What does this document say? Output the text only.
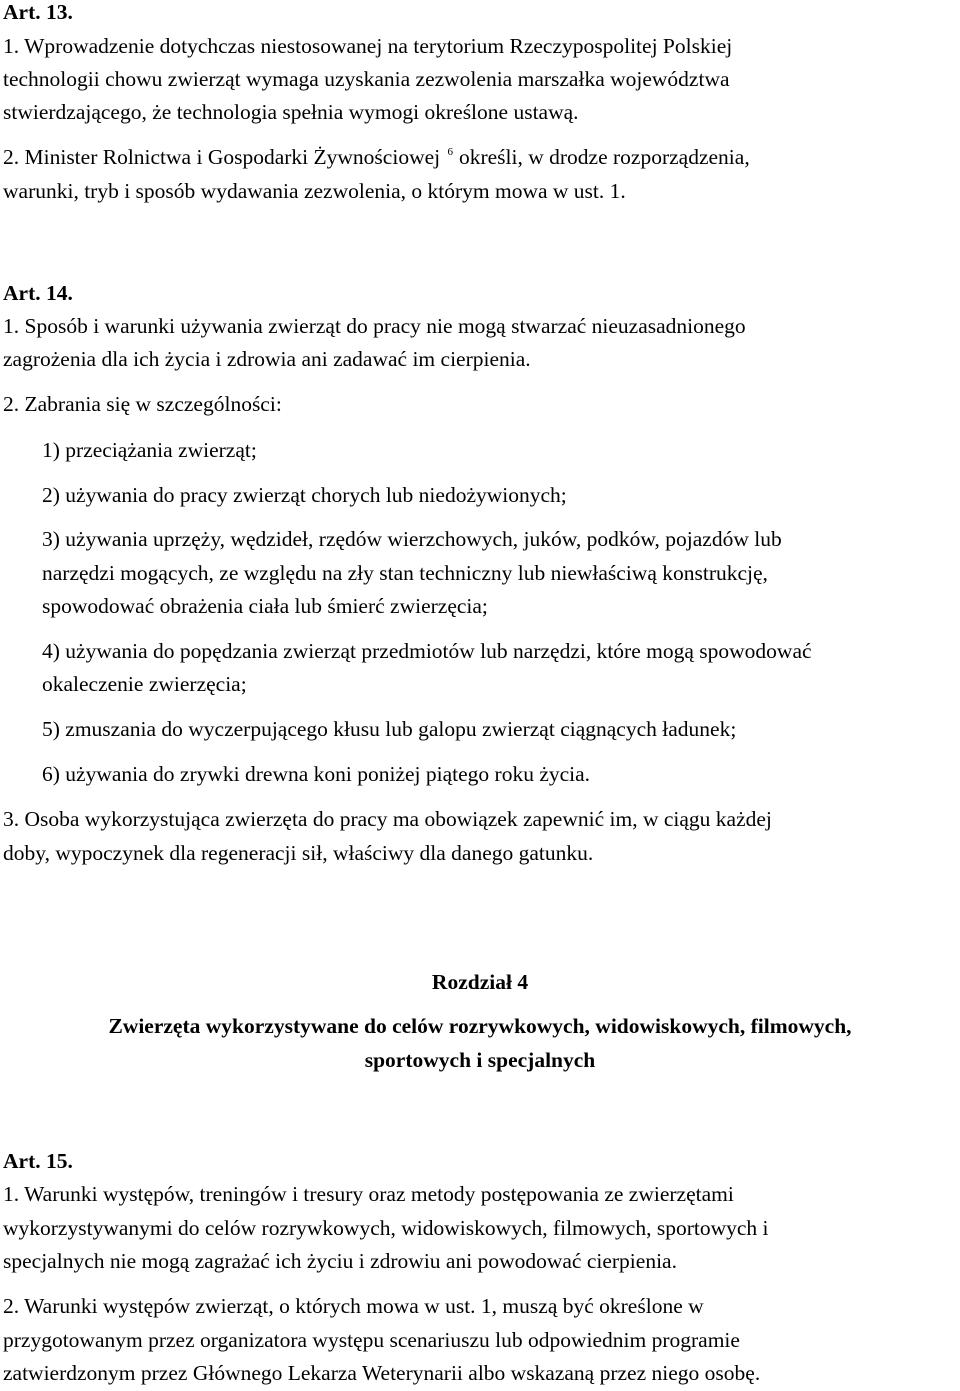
Art. 13.
1. Wprowadzenie dotychczas niestosowanej na terytorium Rzeczypospolitej Polskiej
technologii chowu zwierząt wymaga uzyskania zezwolenia marszałka województwa
stwierdzającego, że technologia spełnia wymogi określone ustawą.
2. Minister Rolnictwa i Gospodarki Żywnościowej $^6$ określi, w drodze rozporządzenia,
warunki, tryb i sposób wydawania zezwolenia, o którym mowa w ust. 1.
Art. 14.
1. Sposób i warunki używania zwierząt do pracy nie mogą stwarzać nieuzasadnionego
zagrożenia dla ich życia i zdrowia ani zadawać im cierpienia.
2. Zabrania się w szczególności:
1) przeciążania zwierząt;
2) używania do pracy zwierząt chorych lub niedożywionych;
3) używania uprzęży, wędzideł, rzędów wierzchowych, juków, podków, pojazdów lub
narzędzi mogących, ze względu na zły stan techniczny lub niewłaściwą konstrukcję,
spowodować obrażenia ciała lub śmierć zwierzęcia;
4) używania do popędzania zwierząt przedmiotów lub narzędzi, które mogą spowodować
okaleczenie zwierzęcia;
5) zmuszania do wyczerpującego kłusu lub galopu zwierząt ciągnących ładunek;
6) używania do zrywki drewna koni poniżej piątego roku życia.
3. Osoba wykorzystująca zwierzęta do pracy ma obowiązek zapewnić im, w ciągu każdej
doby, wypoczynek dla regeneracji sił, właściwy dla danego gatunku.
Rozdział 4
Zwierzęta wykorzystywane do celów rozrywkowych, widowiskowych, filmowych,
sportowych i specjalnych
Art. 15.
1. Warunki występów, treningów i tresury oraz metody postępowania ze zwierzętami
wykorzystywanymi do celów rozrywkowych, widowiskowych, filmowych, sportowych i
specjalnych nie mogą zagrażać ich życiu i zdrowiu ani powodować cierpienia.
2. Warunki występów zwierząt, o których mowa w ust. 1, muszą być określone w
przygotowanym przez organizatora występu scenariuszu lub odpowiednim programie
zatwierdzonym przez Głównego Lekarza Weterynarii albo wskazaną przez niego osobę.
